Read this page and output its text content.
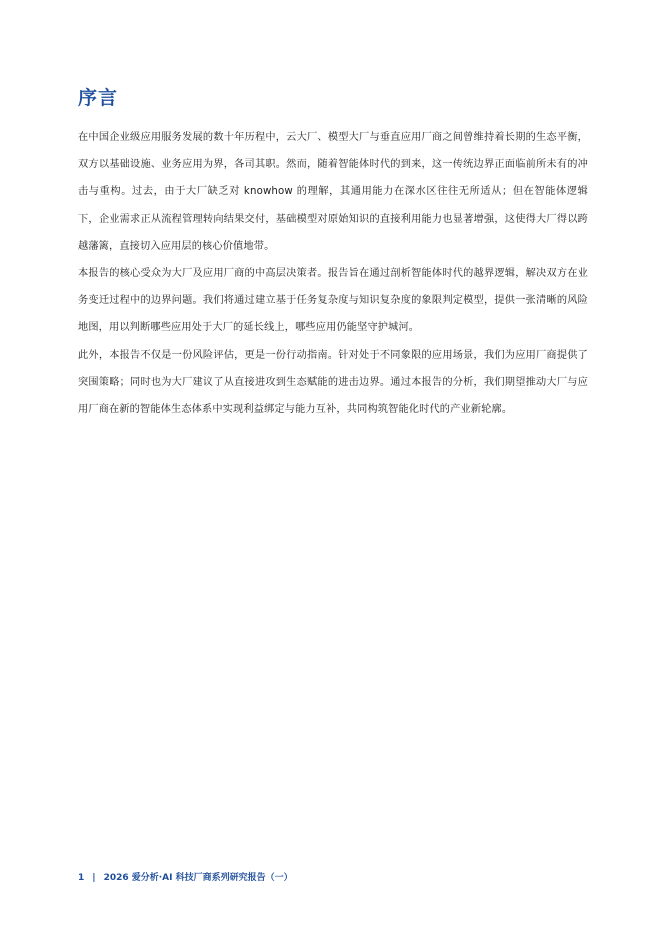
序言

在中国企业级应用服务发展的数十年历程中，云大厂、模型大厂与垂直应用厂商之间曾维持着长期的生态平衡，双方以基础设施、业务应用为界，各司其职。然而，随着智能体时代的到来，这一传统边界正面临前所未有的冲击与重构。过去，由于大厂缺乏对 knowhow 的理解，其通用能力在深水区往往无所适从；但在智能体逻辑下，企业需求正从流程管理转向结果交付，基础模型对原始知识的直接利用能力也显著增强，这使得大厂得以跨越藩篱，直接切入应用层的核心价值地带。

本报告的核心受众为大厂及应用厂商的中高层决策者。报告旨在通过剖析智能体时代的越界逻辑，解决双方在业务变迁过程中的边界问题。我们将通过建立基于任务复杂度与知识复杂度的象限判定模型，提供一张清晰的风险地图，用以判断哪些应用处于大厂的延长线上，哪些应用仍能坚守护城河。

此外，本报告不仅是一份风险评估，更是一份行动指南。针对处于不同象限的应用场景，我们为应用厂商提供了突围策略；同时也为大厂建议了从直接进攻到生态赋能的进击边界。通过本报告的分析，我们期望推动大厂与应用厂商在新的智能体生态体系中实现利益绑定与能力互补，共同构筑智能化时代的产业新轮廓。

1 | 2026 爱分析·AI 科技厂商系列研究报告（一）
